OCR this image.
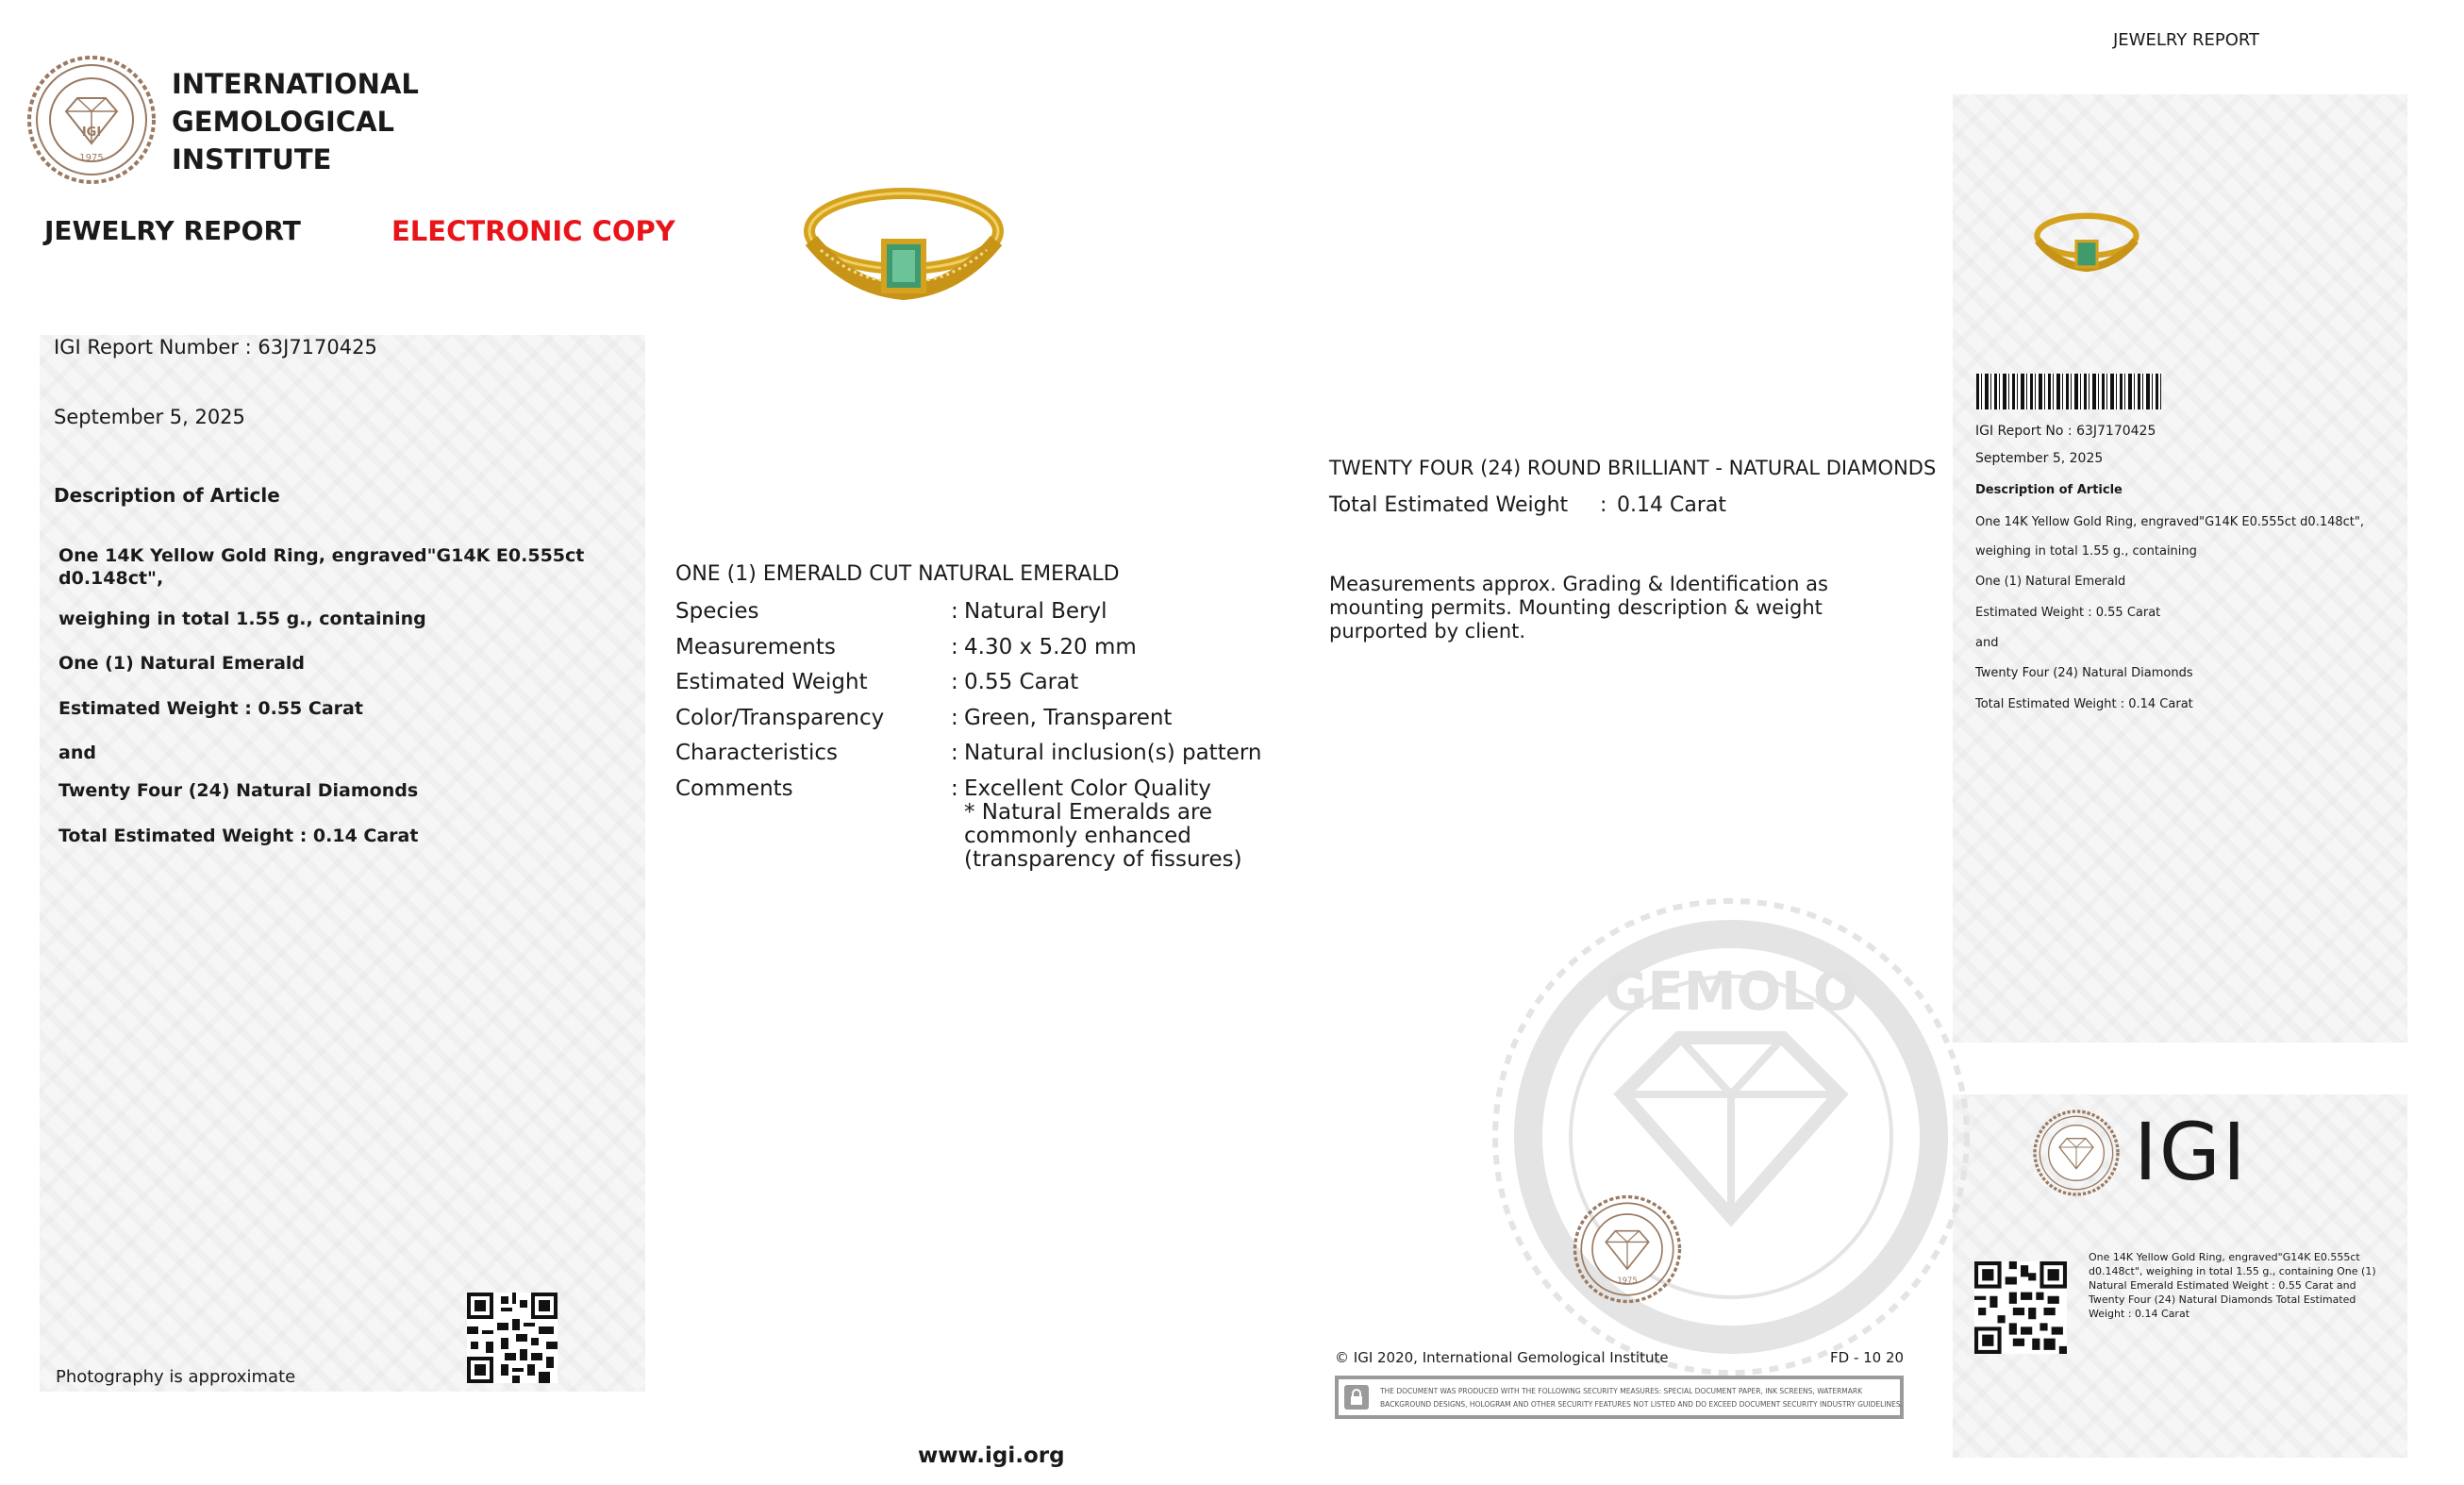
GEMOLO
1975
IGI
INTERNATIONAL
GEMOLOGICAL
INSTITUTE
JEWELRY REPORT	ELECTRONIC COPY
JEWELRY REPORT
IGI Report Number : 63J7170425
September 5, 2025
Description of Article
One 14K Yellow Gold Ring, engraved"G14K E0.555ct
d0.148ct",
weighing in total 1.55 g., containing
One (1) Natural Emerald
Estimated Weight : 0.55 Carat
and
Twenty Four (24) Natural Diamonds
Total Estimated Weight : 0.14 Carat
Photography is approximate
ONE (1) EMERALD CUT NATURAL EMERALD
Species	: Natural Beryl
Measurements	: 4.30 x 5.20 mm
Estimated Weight	: 0.55 Carat
Color/Transparency	: Green, Transparent
Characteristics	: Natural inclusion(s) pattern
Comments	: Excellent Color Quality
* Natural Emeralds are
commonly enhanced
(transparency of fissures)
TWENTY FOUR (24) ROUND BRILLIANT - NATURAL DIAMONDS
Total Estimated Weight : 0.14 Carat
Measurements approx. Grading & Identification as
mounting permits. Mounting description & weight
purported by client.
1975
© IGI 2020, International Gemological Institute	FD - 10 20
THE DOCUMENT WAS PRODUCED WITH THE FOLLOWING SECURITY MEASURES: SPECIAL DOCUMENT PAPER, INK SCREENS, WATERMARK
BACKGROUND DESIGNS, HOLOGRAM AND OTHER SECURITY FEATURES NOT LISTED AND DO EXCEED DOCUMENT SECURITY INDUSTRY GUIDELINES.
www.igi.org
IGI Report No : 63J7170425
September 5, 2025
Description of Article
One 14K Yellow Gold Ring, engraved"G14K E0.555ct d0.148ct",
weighing in total 1.55 g., containing
One (1) Natural Emerald
Estimated Weight : 0.55 Carat
and
Twenty Four (24) Natural Diamonds
Total Estimated Weight : 0.14 Carat
IGI
One 14K Yellow Gold Ring, engraved"G14K E0.555ct
d0.148ct", weighing in total 1.55 g., containing One (1)
Natural Emerald Estimated Weight : 0.55 Carat and
Twenty Four (24) Natural Diamonds Total Estimated
Weight : 0.14 Carat
